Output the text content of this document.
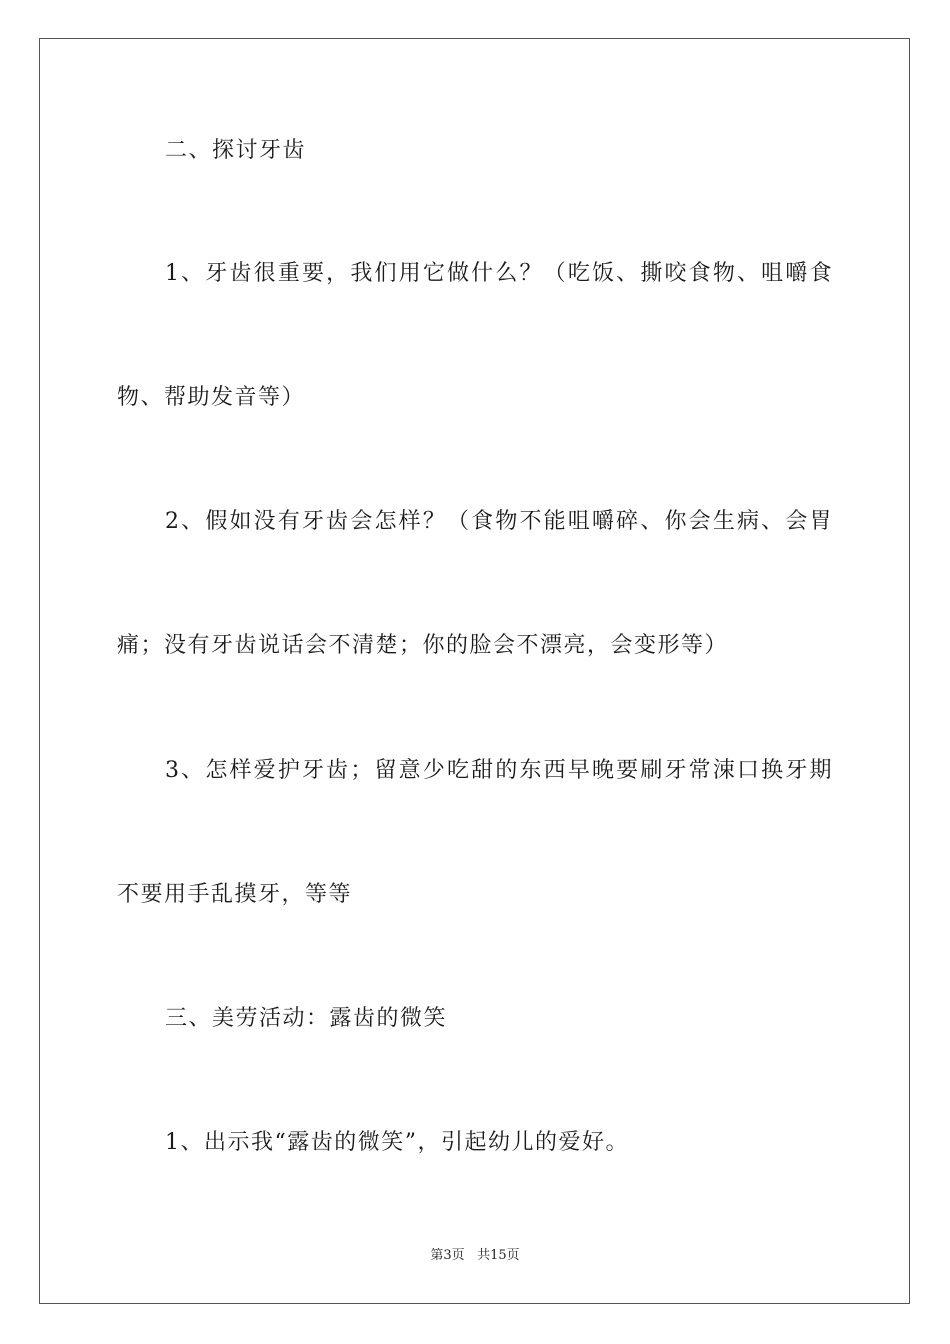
二、探讨牙齿
1、牙齿很重要，我们用它做什么？（吃饭、撕咬食物、咀嚼食
物、帮助发音等）
2、假如没有牙齿会怎样？（食物不能咀嚼碎、你会生病、会胃
痛；没有牙齿说话会不清楚；你的脸会不漂亮，会变形等）
3、怎样爱护牙齿；留意少吃甜的东西早晚要刷牙常涑口换牙期
不要用手乱摸牙，等等
三、美劳活动：露齿的微笑
1、出示我“露齿的微笑”，引起幼儿的爱好。
第3页 共15页
